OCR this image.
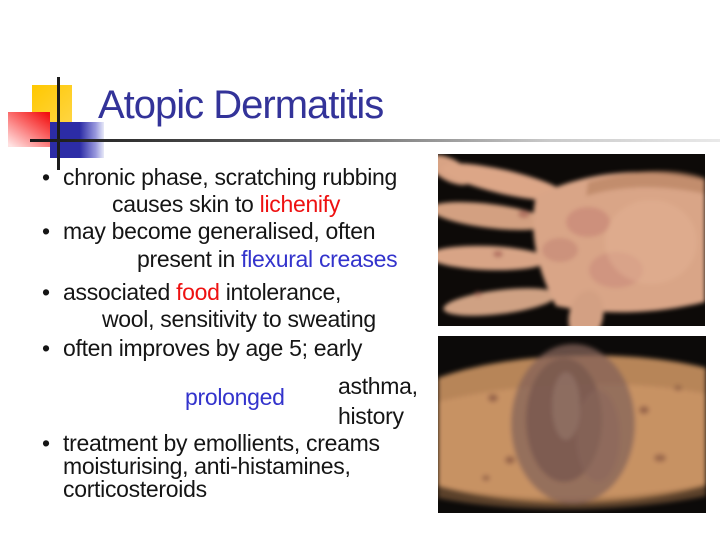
Atopic Dermatitis
•
•
•
•
•
chronic phase, scratching rubbing
causes skin to lichenify
may become generalised, often
present in flexural creases
associated food intolerance,
wool, sensitivity to sweating
often improves by age 5; early
prolonged asthma,
history
treatment by emollients, creams
moisturising, anti-histamines,
corticosteroids
